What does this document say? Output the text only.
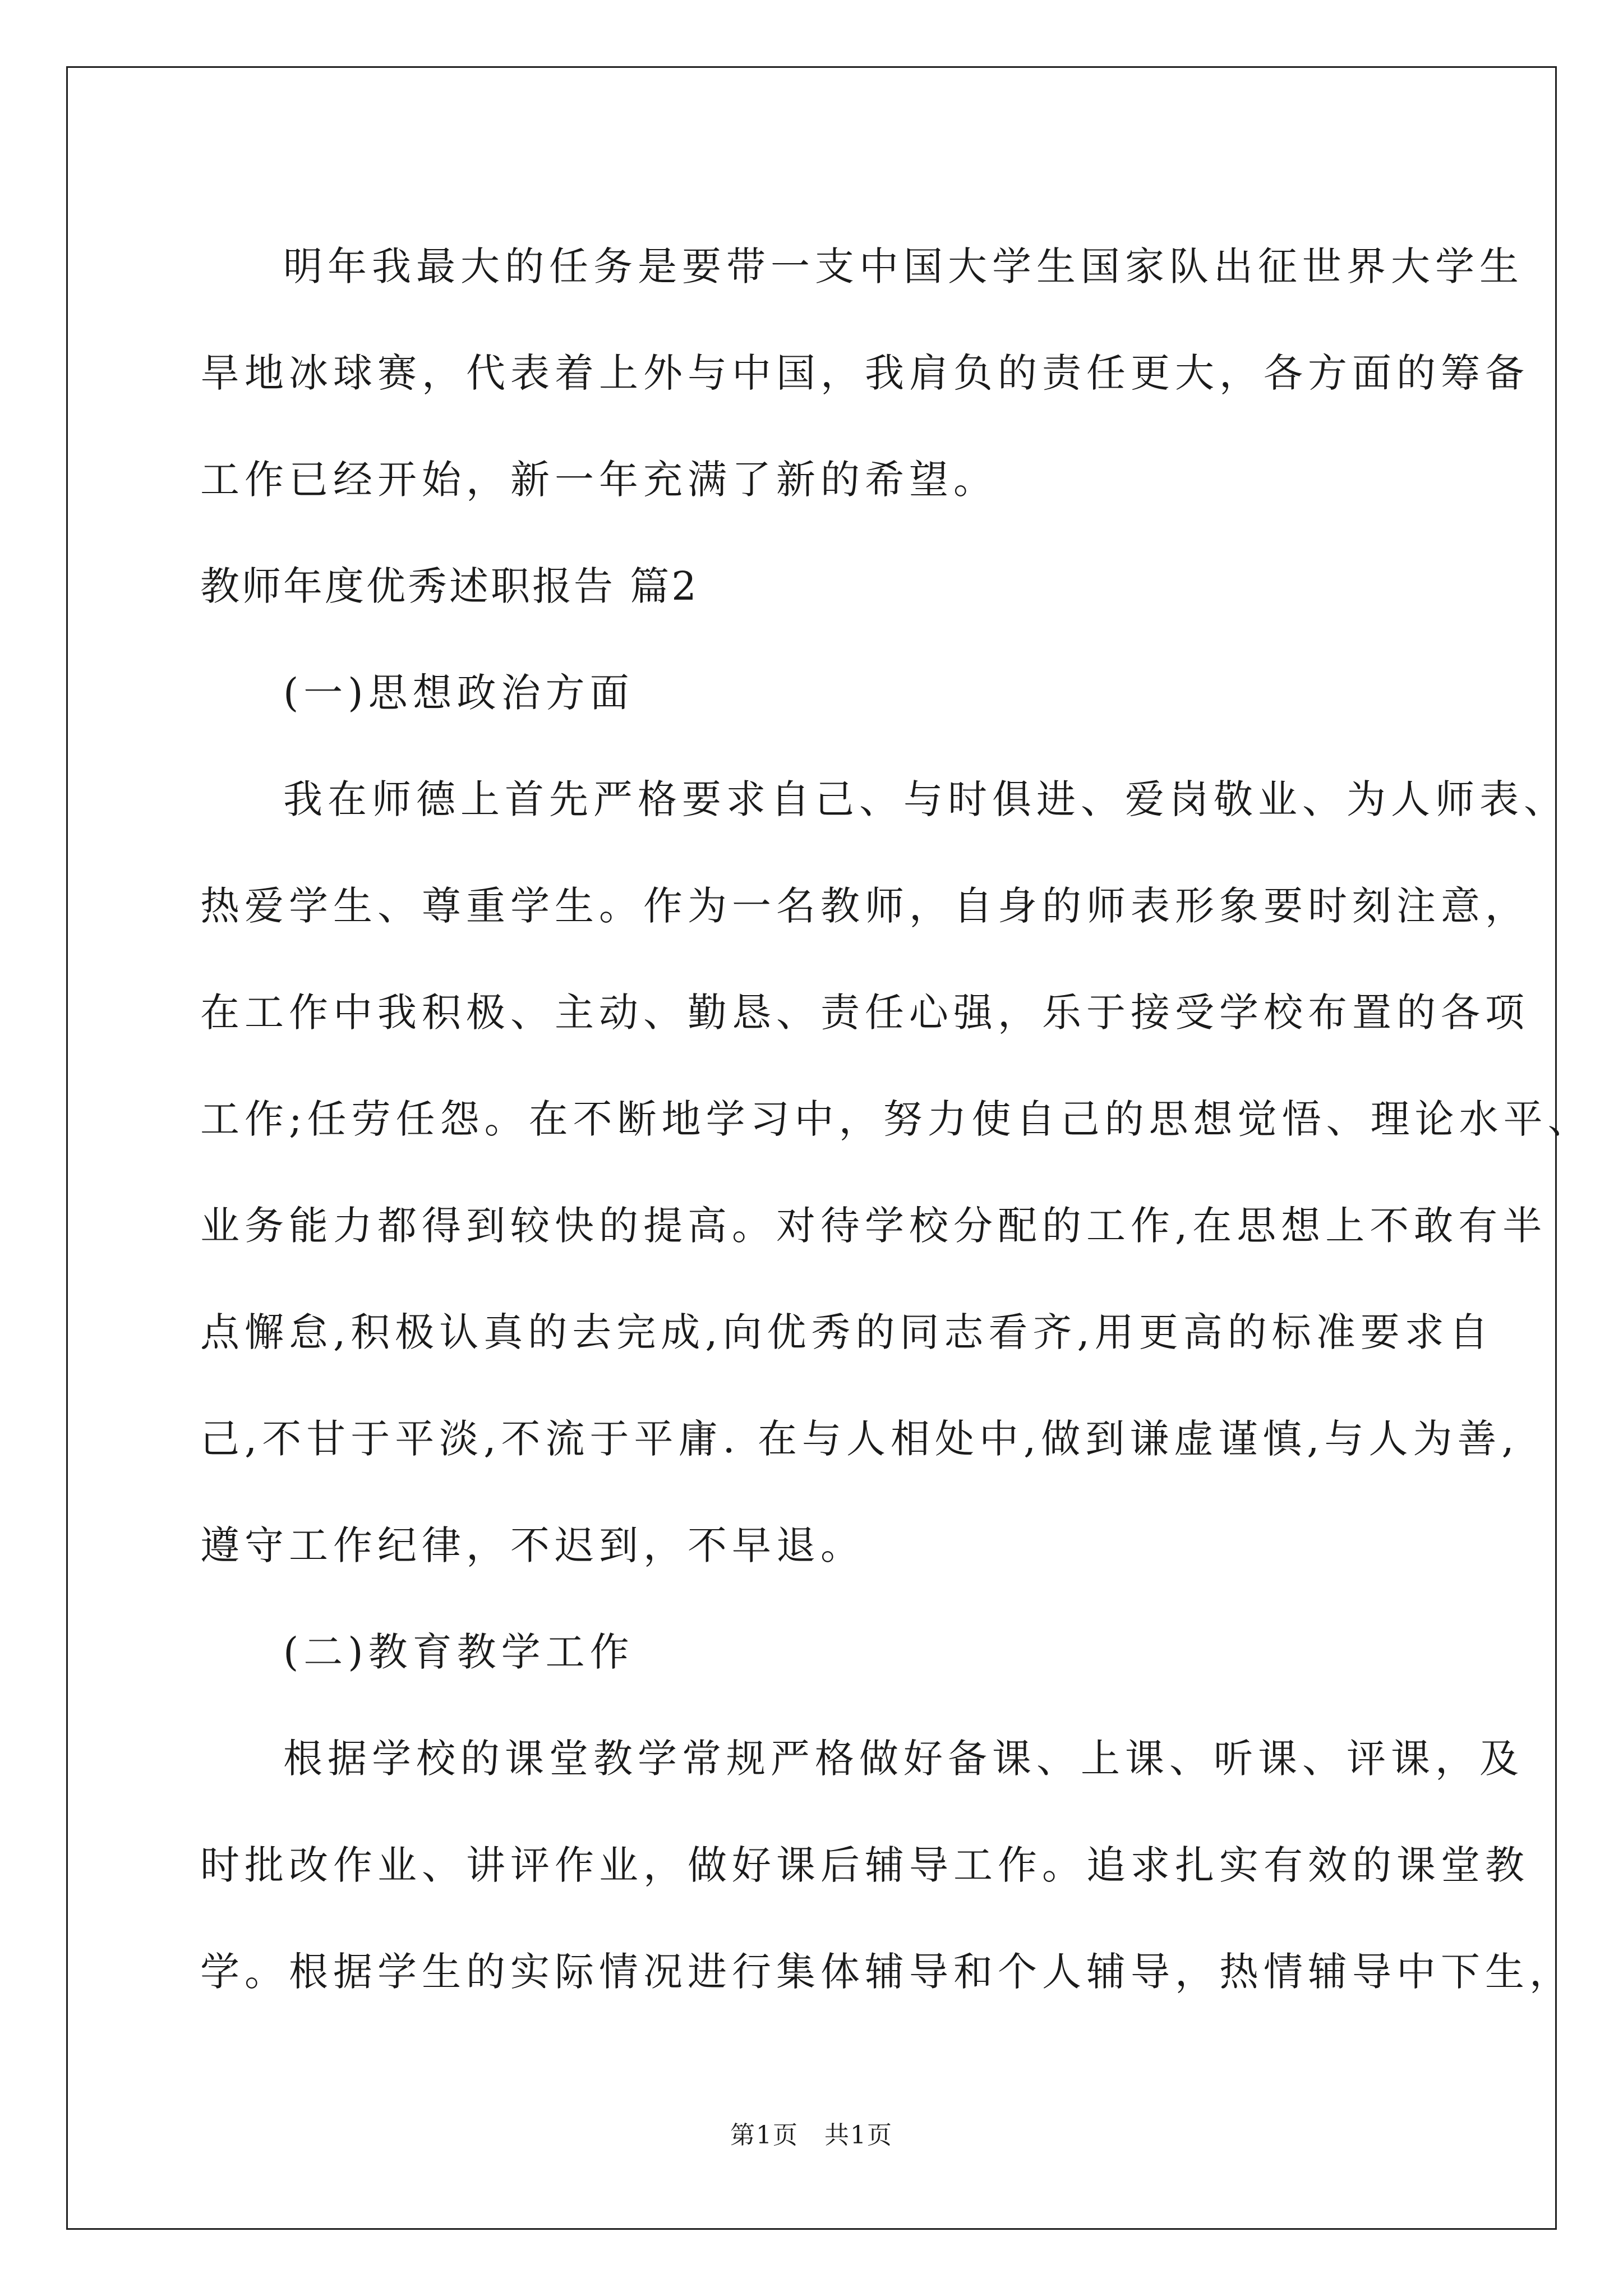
明年我最大的任务是要带一支中国大学生国家队出征世界大学生
旱地冰球赛，代表着上外与中国，我肩负的责任更大，各方面的筹备
工作已经开始，新一年充满了新的希望。
教师年度优秀述职报告 篇2
(一)思想政治方面
我在师德上首先严格要求自己、与时俱进、爱岗敬业、为人师表、
热爱学生、尊重学生。作为一名教师，自身的师表形象要时刻注意，
在工作中我积极、主动、勤恳、责任心强，乐于接受学校布置的各项
工作;任劳任怨。在不断地学习中，努力使自己的思想觉悟、理论水平、
业务能力都得到较快的提高。对待学校分配的工作,在思想上不敢有半
点懈怠,积极认真的去完成,向优秀的同志看齐,用更高的标准要求自
己,不甘于平淡,不流于平庸. 在与人相处中,做到谦虚谨慎,与人为善,
遵守工作纪律，不迟到，不早退。
(二)教育教学工作
根据学校的课堂教学常规严格做好备课、上课、听课、评课，及
时批改作业、讲评作业，做好课后辅导工作。追求扎实有效的课堂教
学。根据学生的实际情况进行集体辅导和个人辅导，热情辅导中下生，
第1页　共1页
